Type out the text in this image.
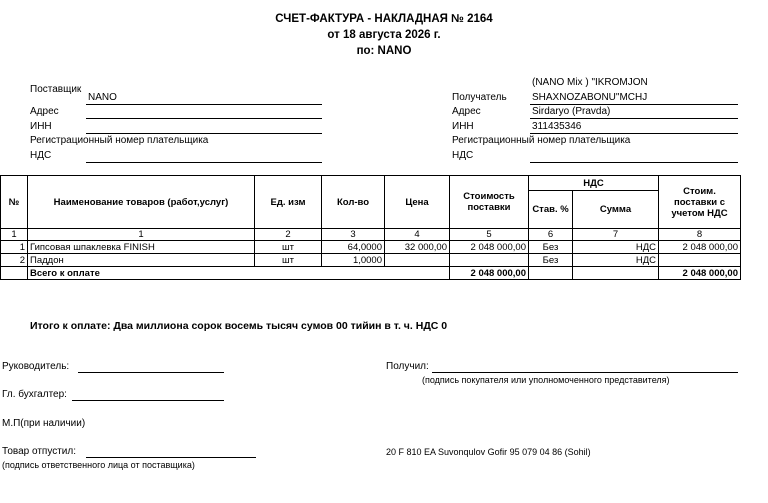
СЧЕТ-ФАКТУРА - НАКЛАДНАЯ № 2164
от 18 августа 2026 г.
по: NANO
Поставщик
NANO
Адрес
ИНН
Регистрационный номер плательщика
НДС
(NANO Mix ) "IKROMJON
Получатель	SHAXNOZABONU"MCHJ
Адрес	Sirdaryo (Pravda)
ИНН	311435346
Регистрационный номер плательщика
НДС
№	Наименование товаров (работ,услуг)	Ед. изм	Кол-во	Цена	Стоимость поставки	НДС		Стоим. поставки с учетом НДС
						Став. %	Сумма	
1	1	2	3	4	5	6	7	8
1	Гипсовая шпаклевка FINISH	шт	64,0000	32 000,00	2 048 000,00	Без	НДС	2 048 000,00
2	Паддон	шт	1,0000			Без	НДС	
	Всего к оплате				2 048 000,00			2 048 000,00
Итого к оплате: Два миллиона сорок восемь тысяч сумов 00 тийин в т. ч. НДС 0
Руководитель:	Получил:
(подпись покупателя или уполномоченного представителя)
Гл. бухгалтер:
М.П(при наличии)
Товар отпустил:
(подпись ответственного лица от поставщика)
20 F 810 EA Suvonqulov Gofir 95 079 04 86 (Sohil)
